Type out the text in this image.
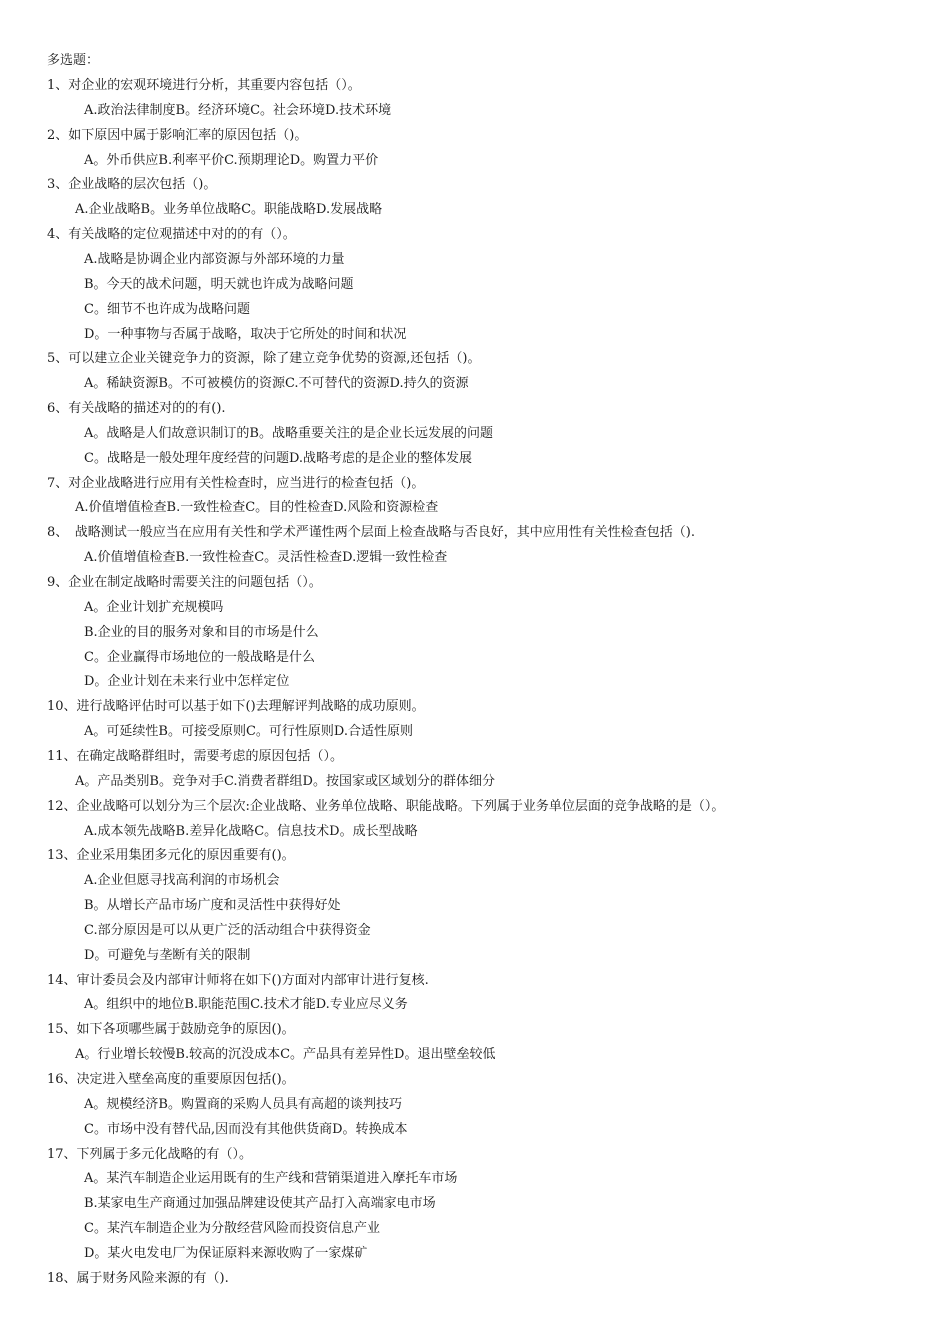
多选题：
1、对企业的宏观环境进行分析，其重要内容包括（）。
A.政治法律制度B。经济环境C。社会环境D.技术环境
2、如下原因中属于影响汇率的原因包括（)。
A。外币供应B.利率平价C.预期理论D。购置力平价
3、企业战略的层次包括（)。
A.企业战略B。业务单位战略C。职能战略D.发展战略
4、有关战略的定位观描述中对的的有（）。
A.战略是协调企业内部资源与外部环境的力量
B。今天的战术问题，明天就也许成为战略问题
C。细节不也许成为战略问题
D。一种事物与否属于战略，取决于它所处的时间和状况
5、可以建立企业关键竞争力的资源，除了建立竞争优势的资源,还包括（)。
A。稀缺资源B。不可被模仿的资源C.不可替代的资源D.持久的资源
6、有关战略的描述对的的有().　
A。战略是人们故意识制订的B。战略重要关注的是企业长远发展的问题
C。战略是一般处理年度经营的问题D.战略考虑的是企业的整体发展
7、对企业战略进行应用有关性检查时，应当进行的检查包括（)。
A.价值增值检查B.一致性检查C。目的性检查D.风险和资源检查
8、　战略测试一般应当在应用有关性和学术严谨性两个层面上检查战略与否良好，其中应用性有关性检查包括（).　
A.价值增值检查B.一致性检查C。灵活性检查D.逻辑一致性检查
9、企业在制定战略时需要关注的问题包括（）。
A。企业计划扩充规模吗
B.企业的目的服务对象和目的市场是什么
C。企业赢得市场地位的一般战略是什么
D。企业计划在未来行业中怎样定位
10、进行战略评估时可以基于如下()去理解评判战略的成功原则。
A。可延续性B。可接受原则C。可行性原则D.合适性原则
11、在确定战略群组时，需要考虑的原因包括（）。
A。产品类别B。竞争对手C.消费者群组D。按国家或区域划分的群体细分
12、企业战略可以划分为三个层次:企业战略、业务单位战略、职能战略。下列属于业务单位层面的竞争战略的是（）。
A.成本领先战略B.差异化战略C。信息技术D。成长型战略
13、企业采用集团多元化的原因重要有()。
A.企业但愿寻找高利润的市场机会
B。从增长产品市场广度和灵活性中获得好处
C.部分原因是可以从更广泛的活动组合中获得资金
D。可避免与垄断有关的限制
14、审计委员会及内部审计师将在如下()方面对内部审计进行复核.
A。组织中的地位B.职能范围C.技术才能D.专业应尽义务
15、如下各项哪些属于鼓励竞争的原因()。
A。行业增长较慢B.较高的沉没成本C。产品具有差异性D。退出壁垒较低
16、决定进入壁垒高度的重要原因包括()。
A。规模经济B。购置商的采购人员具有高超的谈判技巧
C。市场中没有替代品,因而没有其他供货商D。转换成本
17、下列属于多元化战略的有（）。
A。某汽车制造企业运用既有的生产线和营销渠道进入摩托车市场
B.某家电生产商通过加强品牌建设使其产品打入高端家电市场
C。某汽车制造企业为分散经营风险而投资信息产业
D。某火电发电厂为保证原料来源收购了一家煤矿
18、属于财务风险来源的有（).
